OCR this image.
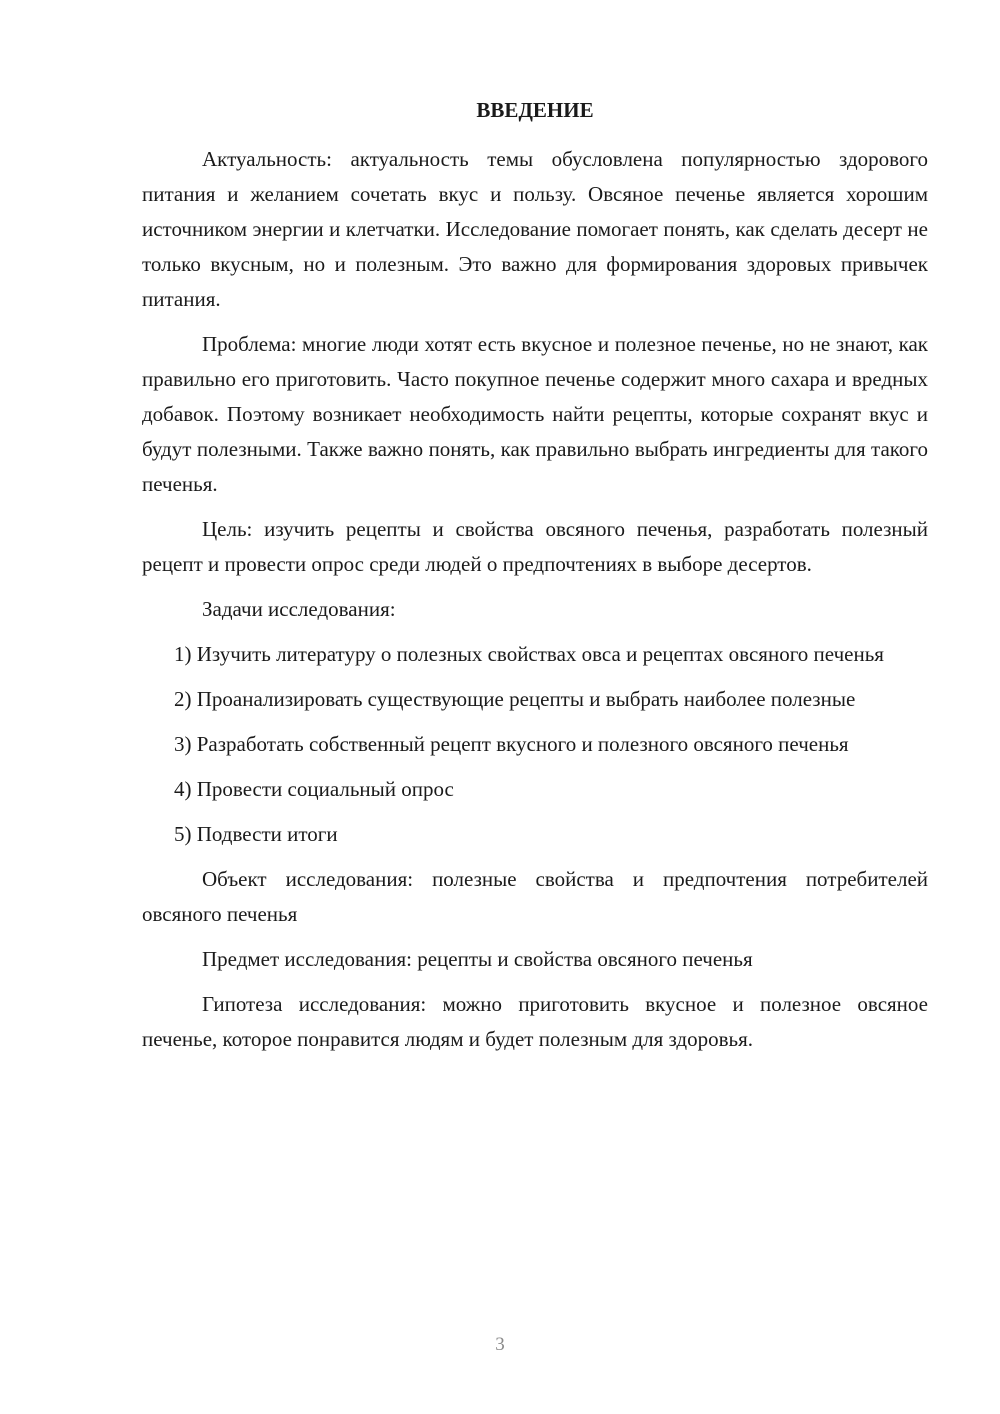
ВВЕДЕНИЕ

Актуальность: актуальность темы обусловлена популярностью здорового питания и желанием сочетать вкус и пользу. Овсяное печенье является хорошим источником энергии и клетчатки. Исследование помогает понять, как сделать десерт не только вкусным, но и полезным. Это важно для формирования здоровых привычек питания.

Проблема: многие люди хотят есть вкусное и полезное печенье, но не знают, как правильно его приготовить. Часто покупное печенье содержит много сахара и вредных добавок. Поэтому возникает необходимость найти рецепты, которые сохранят вкус и будут полезными. Также важно понять, как правильно выбрать ингредиенты для такого печенья.

Цель: изучить рецепты и свойства овсяного печенья, разработать полезный рецепт и провести опрос среди людей о предпочтениях в выборе десертов.

Задачи исследования:

1) Изучить литературу о полезных свойствах овса и рецептах овсяного печенья
2) Проанализировать существующие рецепты и выбрать наиболее полезные
3) Разработать собственный рецепт вкусного и полезного овсяного печенья
4) Провести социальный опрос
5) Подвести итоги

Объект исследования: полезные свойства и предпочтения потребителей овсяного печенья

Предмет исследования: рецепты и свойства овсяного печенья

Гипотеза исследования: можно приготовить вкусное и полезное овсяное печенье, которое понравится людям и будет полезным для здоровья.

3
